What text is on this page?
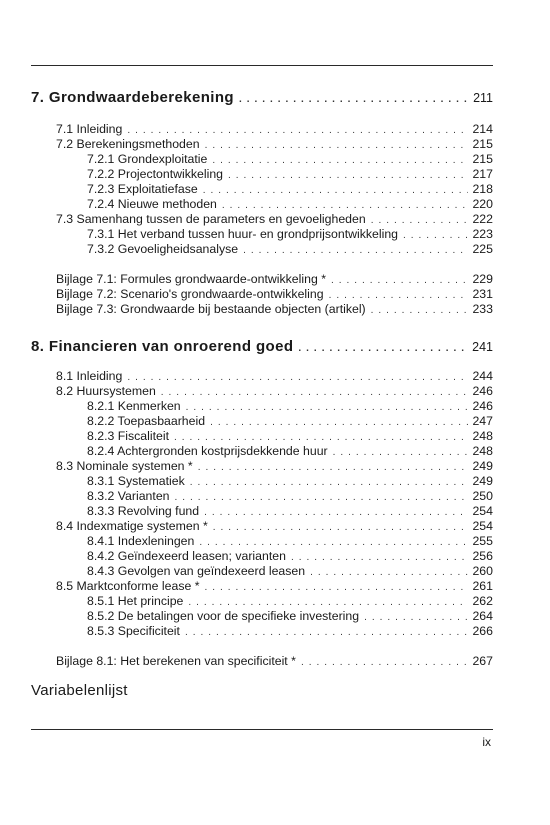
7. Grondwaardeberekening . . .	211
7.1 Inleiding . . .	214
7.2 Berekeningsmethoden . . .	215
7.2.1 Grondexploitatie . . .	215
7.2.2 Projectontwikkeling . . .	217
7.2.3 Exploitatiefase . . .	218
7.2.4 Nieuwe methoden . . .	220
7.3 Samenhang tussen de parameters en gevoeligheden . . .	222
7.3.1 Het verband tussen huur- en grondprijsontwikkeling . . .	223
7.3.2 Gevoeligheidsanalyse . . .	225
Bijlage 7.1: Formules grondwaarde-ontwikkeling * . . .	229
Bijlage 7.2: Scenario's grondwaarde-ontwikkeling . . .	231
Bijlage 7.3: Grondwaarde bij bestaande objecten (artikel) . . .	233
8. Financieren van onroerend goed . . .	241
8.1 Inleiding . . .	244
8.2 Huursystemen . . .	246
8.2.1 Kenmerken . . .	246
8.2.2 Toepasbaarheid . . .	247
8.2.3 Fiscaliteit . . .	248
8.2.4 Achtergronden kostprijsdekkende huur . . .	248
8.3 Nominale systemen * . . .	249
8.3.1 Systematiek . . .	249
8.3.2 Varianten . . .	250
8.3.3 Revolving fund . . .	254
8.4 Indexmatige systemen * . . .	254
8.4.1 Indexleningen . . .	255
8.4.2 Geïndexeerd leasen; varianten . . .	256
8.4.3 Gevolgen van geïndexeerd leasen . . .	260
8.5 Marktconforme lease * . . .	261
8.5.1 Het principe . . .	262
8.5.2 De betalingen voor de specifieke investering . . .	264
8.5.3 Specificiteit . . .	266
Bijlage 8.1: Het berekenen van specificiteit * . . .	267
Variabelenlijst
ix
